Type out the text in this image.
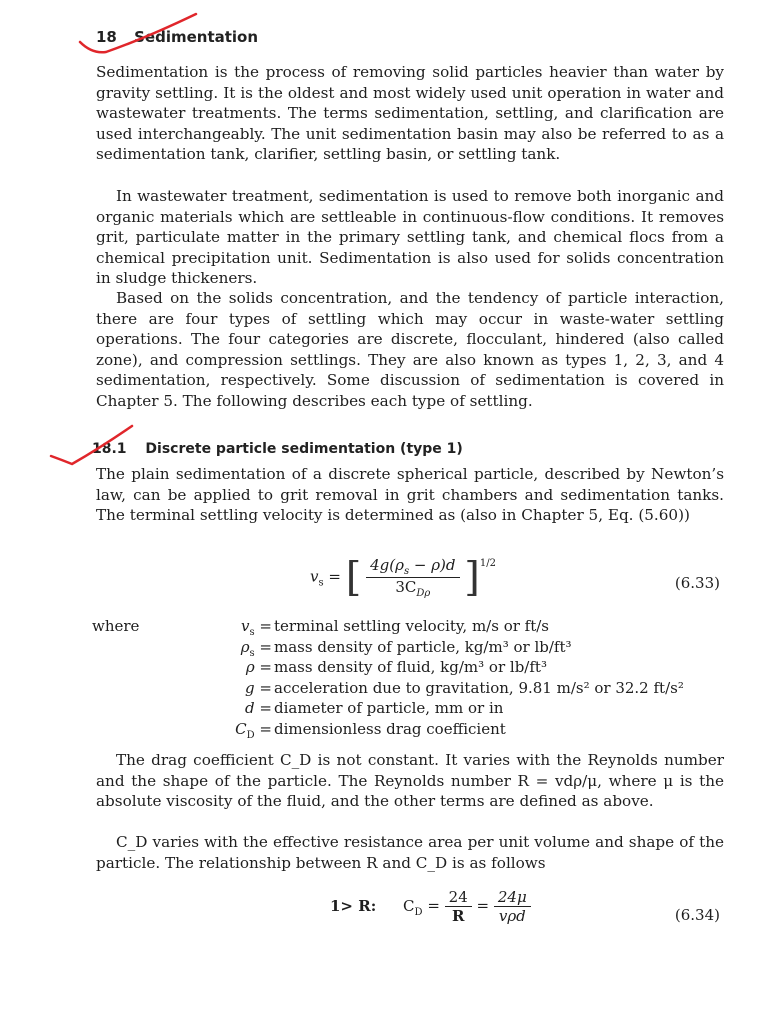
18 Sedimentation

Sedimentation is the process of removing solid particles heavier than water by gravity settling. It is the oldest and most widely used unit operation in water and wastewater treatments. The terms sedimentation, settling, and clarification are used interchangeably. The unit sedimentation basin may also be referred to as a sedimentation tank, clarifier, settling basin, or settling tank.

In wastewater treatment, sedimentation is used to remove both inorganic and organic materials which are settleable in continuous-flow conditions. It removes grit, particulate matter in the primary settling tank, and chemical flocs from a chemical precipitation unit. Sedimentation is also used for solids concentration in sludge thickeners.

Based on the solids concentration, and the tendency of particle interaction, there are four types of settling which may occur in waste-water settling operations. The four categories are discrete, flocculant, hindered (also called zone), and compression settlings. They are also known as types 1, 2, 3, and 4 sedimentation, respectively. Some discussion of sedimentation is covered in Chapter 5. The following describes each type of settling.

18.1 Discrete particle sedimentation (type 1)

The plain sedimentation of a discrete spherical particle, described by Newton’s law, can be applied to grit removal in grit chambers and sedimentation tanks. The terminal settling velocity is determined as (also in Chapter 5, Eq. (5.60))

$v_s$ = [ $\frac{4g(\rho_s - \rho)d}{3C_{D\rho}} ]^{1/2}$
(6.33)
where	$v_s$ = terminal settling velocity, m/s or ft/s
$\rho_s$ = mass density of particle, kg/m³ or lb/ft³
ρ = mass density of fluid, kg/m³ or lb/ft³
g = acceleration due to gravitation, 9.81 m/s² or 32.2 ft/s²
d = diameter of particle, mm or in
$C_D$ = dimensionless drag coefficient

The drag coefficient C_D is not constant. It varies with the Reynolds number and the shape of the particle. The Reynolds number R = vdρ/μ, where μ is the absolute viscosity of the fluid, and the other terms are defined as above.

C_D varies with the effective resistance area per unit volume and shape of the particle. The relationship between R and C_D is as follows

1> R: $C_D = \frac{24}{R} = \frac{24\mu}{\text{vρd}}$	(6.34)
